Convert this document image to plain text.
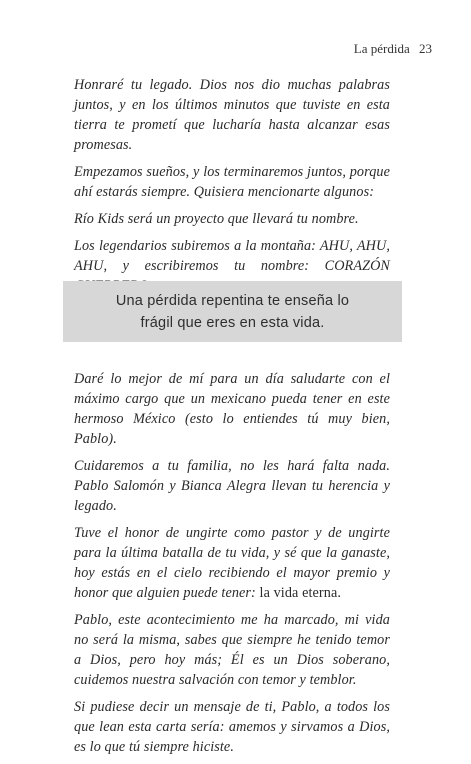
La pérdida 23

Honraré tu legado. Dios nos dio muchas palabras juntos, y en los últimos minutos que tuviste en esta tierra te prometí que lucharía hasta alcanzar esas promesas.

Empezamos sueños, y los terminaremos juntos, porque ahí estarás siempre. Quisiera mencionarte algunos:

Río Kids será un proyecto que llevará tu nombre.

Los legendarios subiremos a la montaña: AHU, AHU, AHU, y escribiremos tu nombre: CORAZÓN

Una pérdida repentina te enseña lo frágil que eres en esta vida.

Daré lo mejor de mí para un día saludarte con el máximo cargo que un mexicano pueda tener en este hermoso México (esto lo entiendes tú muy bien, Pablo).

Cuidaremos a tu familia, no les hará falta nada. Pablo Salomón y Bianca Alegra llevan tu herencia y legado.

Tuve el honor de ungirte como pastor y de ungirte para la última batalla de tu vida, y sé que la ganaste, hoy estás en el cielo recibiendo el mayor premio y honor que alguien puede tener: la vida eterna.

Pablo, este acontecimiento me ha marcado, mi vida no será la misma, sabes que siempre he tenido temor a Dios, pero hoy más; Él es un Dios soberano, cuidemos nuestra salvación con temor y temblor.

Si pudiese decir un mensaje de ti, Pablo, a todos los que lean esta carta sería: amemos y sirvamos a Dios, es lo que tú siempre hiciste.
